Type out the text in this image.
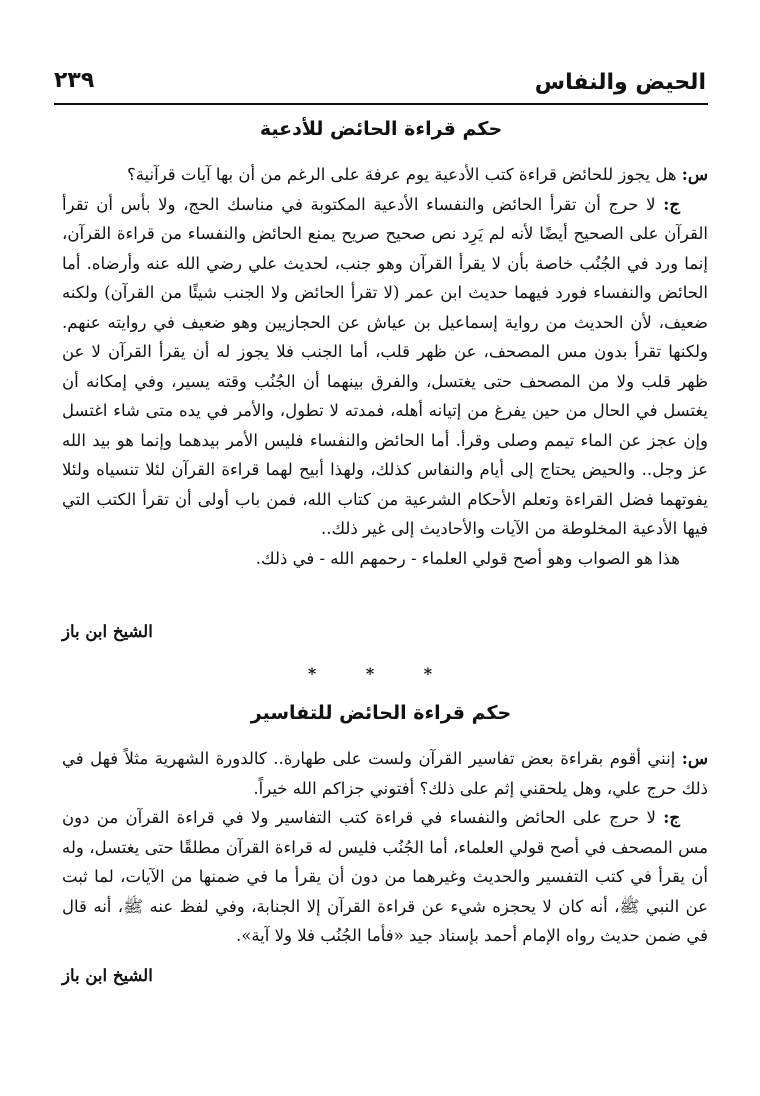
الحيض والنفاس
٢٣٩
حكم قراءة الحائض للأدعية

س: هل يجوز للحائض قراءة كتب الأدعية يوم عرفة على الرغم من أن بها آيات قرآنية؟

ج: لا حرج أن تقرأ الحائض والنفساء الأدعية المكتوبة في مناسك الحج، ولا بأس أن تقرأ القرآن على الصحيح أيضًا لأنه لم يَرِد نص صحيح صريح يمنع الحائض والنفساء من قراءة القرآن، إنما ورد في الجُنُب خاصة بأن لا يقرأ القرآن وهو جنب، لحديث علي رضي الله عنه وأرضاه. أما الحائض والنفساء فورد فيهما حديث ابن عمر (لا تقرأ الحائض ولا الجنب شيئًا من القرآن) ولكنه ضعيف، لأن الحديث من رواية إسماعيل بن عياش عن الحجازيين وهو ضعيف في روايته عنهم. ولكنها تقرأ بدون مس المصحف، عن ظهر قلب، أما الجنب فلا يجوز له أن يقرأ القرآن لا عن ظهر قلب ولا من المصحف حتى يغتسل، والفرق بينهما أن الجُنُب وقته يسير، وفي إمكانه أن يغتسل في الحال من حين يفرغ من إتيانه أهله، فمدته لا تطول، والأمر في يده متى شاء اغتسل وإن عجز عن الماء تيمم وصلى وقرأ. أما الحائض والنفساء فليس الأمر بيدهما وإنما هو بيد الله عز وجل.. والحيض يحتاج إلى أيام والنفاس كذلك، ولهذا أبيح لهما قراءة القرآن لئلا تنسياه ولئلا يفوتهما فضل القراءة وتعلم الأحكام الشرعية من كتاب الله، فمن باب أولى أن تقرأ الكتب التي فيها الأدعية المخلوطة من الآيات والأحاديث إلى غير ذلك..

هذا هو الصواب وهو أصح قولي العلماء - رحمهم الله - في ذلك.

الشيخ ابن باز
* * *
حكم قراءة الحائض للتفاسير

س: إنني أقوم بقراءة بعض تفاسير القرآن ولست على طهارة.. كالدورة الشهرية مثلاً فهل في ذلك حرج علي، وهل يلحقني إثم على ذلك؟ أفتوني جزاكم الله خيراً.

ج: لا حرج على الحائض والنفساء في قراءة كتب التفاسير ولا في قراءة القرآن من دون مس المصحف في أصح قولي العلماء، أما الجُنُب فليس له قراءة القرآن مطلقًا حتى يغتسل، وله أن يقرأ في كتب التفسير والحديث وغيرهما من دون أن يقرأ ما في ضمنها من الآيات، لما ثبت عن النبي ﷺ، أنه كان لا يحجزه شيء عن قراءة القرآن إلا الجنابة، وفي لفظ عنه ﷺ، أنه قال في ضمن حديث رواه الإمام أحمد بإسناد جيد «فأما الجُنُب فلا ولا آية».

الشيخ ابن باز
